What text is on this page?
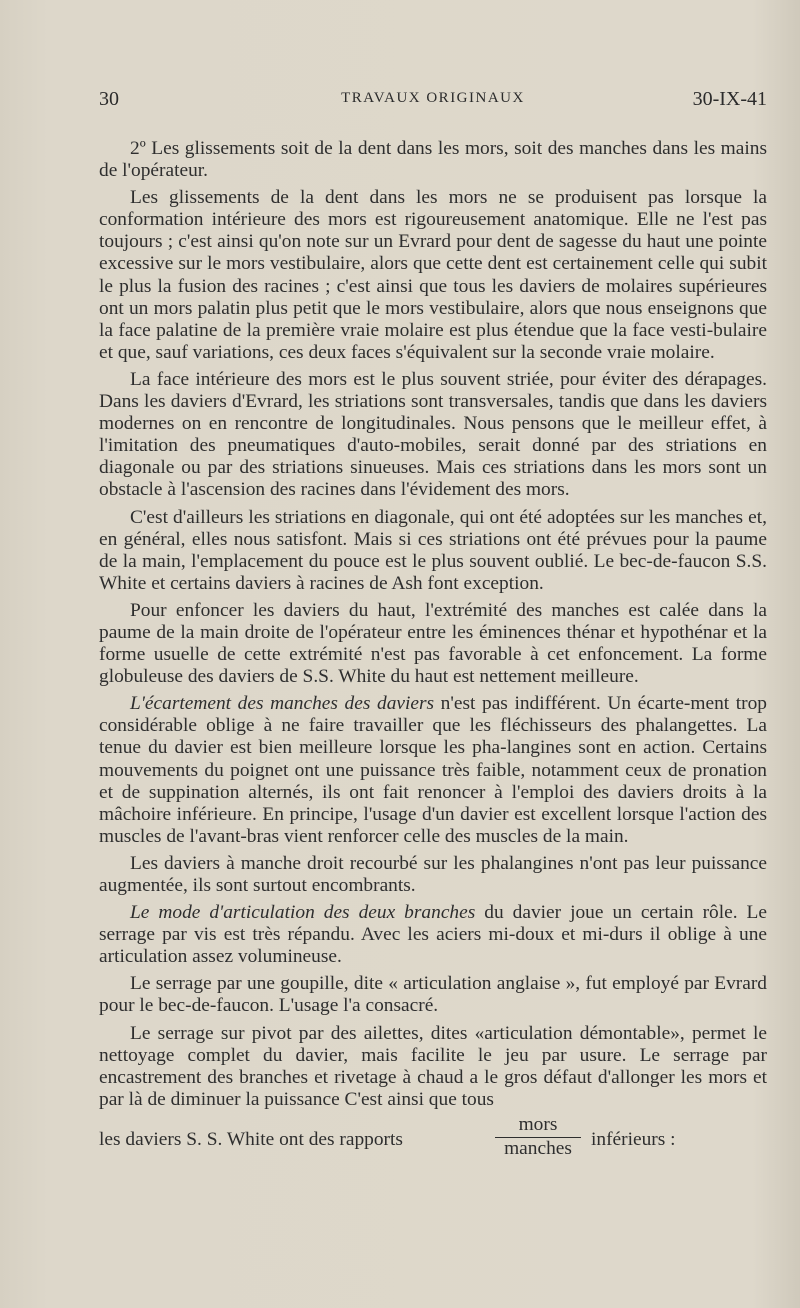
30	TRAVAUX ORIGINAUX	30-IX-41

2º Les glissements soit de la dent dans les mors, soit des manches dans les mains de l'opérateur.

Les glissements de la dent dans les mors ne se produisent pas lorsque la conformation intérieure des mors est rigoureusement anatomique. Elle ne l'est pas toujours ; c'est ainsi qu'on note sur un Evrard pour dent de sagesse du haut une pointe excessive sur le mors vestibulaire, alors que cette dent est certainement celle qui subit le plus la fusion des racines ; c'est ainsi que tous les daviers de molaires supérieures ont un mors palatin plus petit que le mors vestibulaire, alors que nous enseignons que la face palatine de la première vraie molaire est plus étendue que la face vesti-bulaire et que, sauf variations, ces deux faces s'équivalent sur la seconde vraie molaire.

La face intérieure des mors est le plus souvent striée, pour éviter des dérapages. Dans les daviers d'Evrard, les striations sont transversales, tandis que dans les daviers modernes on en rencontre de longitudinales. Nous pensons que le meilleur effet, à l'imitation des pneumatiques d'auto-mobiles, serait donné par des striations en diagonale ou par des striations sinueuses. Mais ces striations dans les mors sont un obstacle à l'ascension des racines dans l'évidement des mors.

C'est d'ailleurs les striations en diagonale, qui ont été adoptées sur les manches et, en général, elles nous satisfont. Mais si ces striations ont été prévues pour la paume de la main, l'emplacement du pouce est le plus souvent oublié. Le bec-de-faucon S.S. White et certains daviers à racines de Ash font exception.

Pour enfoncer les daviers du haut, l'extrémité des manches est calée dans la paume de la main droite de l'opérateur entre les éminences thénar et hypothénar et la forme usuelle de cette extrémité n'est pas favorable à cet enfoncement. La forme globuleuse des daviers de S.S. White du haut est nettement meilleure.

L'écartement des manches des daviers n'est pas indifférent. Un écarte-ment trop considérable oblige à ne faire travailler que les fléchisseurs des phalangettes. La tenue du davier est bien meilleure lorsque les pha-langines sont en action. Certains mouvements du poignet ont une puissance très faible, notamment ceux de pronation et de suppination alternés, ils ont fait renoncer à l'emploi des daviers droits à la mâchoire inférieure. En principe, l'usage d'un davier est excellent lorsque l'action des muscles de l'avant-bras vient renforcer celle des muscles de la main.

Les daviers à manche droit recourbé sur les phalangines n'ont pas leur puissance augmentée, ils sont surtout encombrants.

Le mode d'articulation des deux branches du davier joue un certain rôle. Le serrage par vis est très répandu. Avec les aciers mi-doux et mi-durs il oblige à une articulation assez volumineuse.

Le serrage par une goupille, dite « articulation anglaise », fut employé par Evrard pour le bec-de-faucon. L'usage l'a consacré.

Le serrage sur pivot par des ailettes, dites «articulation démontable», permet le nettoyage complet du davier, mais facilite le jeu par usure. Le serrage par encastrement des branches et rivetage à chaud a le gros défaut d'allonger les mors et par là de diminuer la puissance C'est ainsi que tous

les daviers S. S. White ont des rapports
mors
manches inférieurs :
